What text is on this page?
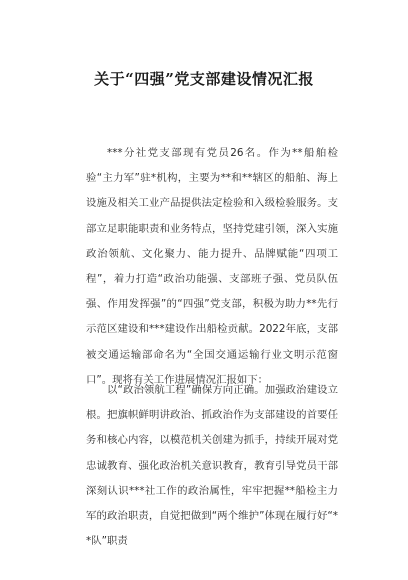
关于“四强”党支部建设情况汇报

***分社党支部现有党员26名。作为**船舶检验“主力军”驻*机构，主要为**和**辖区的船舶、海上设施及相关工业产品提供法定检验和入级检验服务。支部立足职能职责和业务特点，坚持党建引领，深入实施政治领航、文化聚力、能力提升、品牌赋能“四项工程”，着力打造“政治功能强、支部班子强、党员队伍强、作用发挥强”的“四强”党支部，积极为助力**先行示范区建设和***建设作出船检贡献。2022年底，支部被交通运输部命名为“全国交通运输行业文明示范窗口”。现将有关工作进展情况汇报如下：

以“政治领航工程”确保方向正确。加强政治建设立根。把旗帜鲜明讲政治、抓政治作为支部建设的首要任务和核心内容，以模范机关创建为抓手，持续开展对党忠诚教育、强化政治机关意识教育，教育引导党员干部深刻认识***社工作的政治属性，牢牢把握**船检主力军的政治职责，自觉把做到“两个维护”体现在履行好“**队”职责
